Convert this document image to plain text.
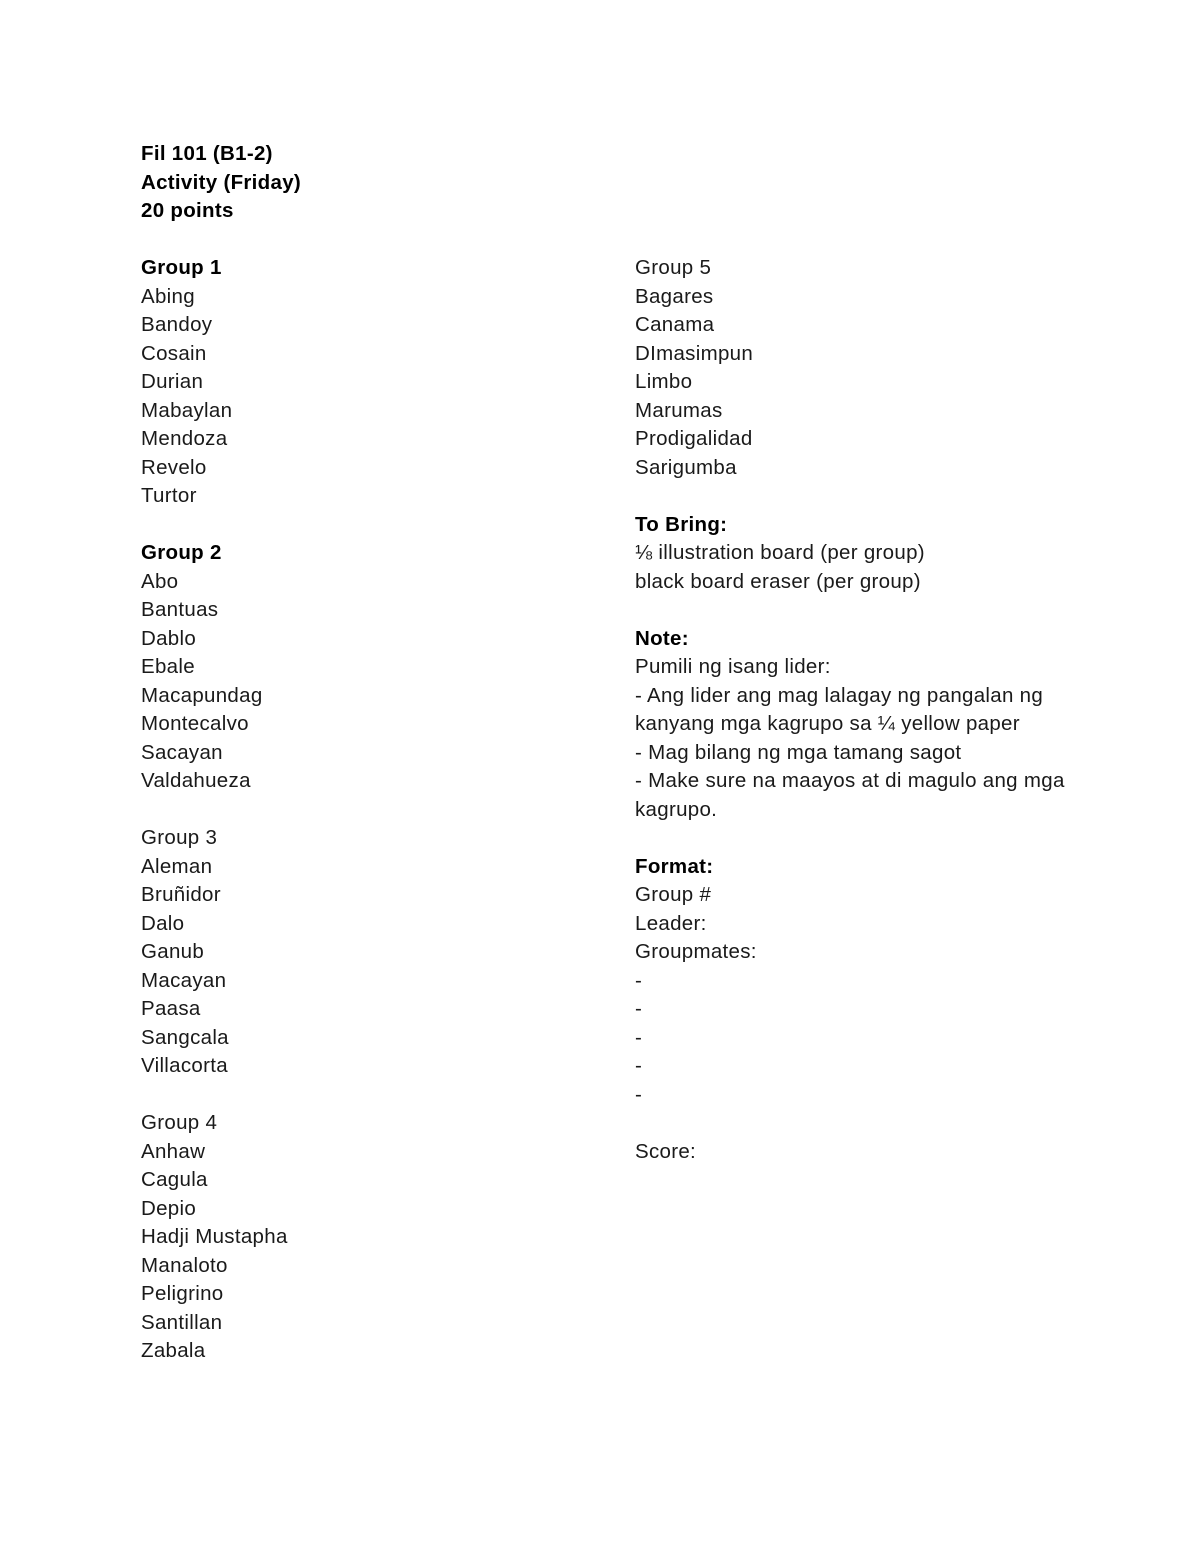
Fil 101 (B1-2)
Activity (Friday)
20 points
Group 1
Abing
Bandoy
Cosain
Durian
Mabaylan
Mendoza
Revelo
Turtor
Group 2
Abo
Bantuas
Dablo
Ebale
Macapundag
Montecalvo
Sacayan
Valdahueza
Group 3
Aleman
Bruñidor
Dalo
Ganub
Macayan
Paasa
Sangcala
Villacorta
Group 4
Anhaw
Cagula
Depio
Hadji Mustapha
Manaloto
Peligrino
Santillan
Zabala
Group 5
Bagares
Canama
DImasimpun
Limbo
Marumas
Prodigalidad
Sarigumba
To Bring:
⅛ illustration board (per group)
black board eraser (per group)
Note:
Pumili ng isang lider:
- Ang lider ang mag lalagay ng pangalan ng kanyang mga kagrupo sa ¼ yellow paper
- Mag bilang ng mga tamang sagot
- Make sure na maayos at di magulo ang mga kagrupo.
Format:
Group #
Leader:
Groupmates:
-
-
-
-
-
Score:
